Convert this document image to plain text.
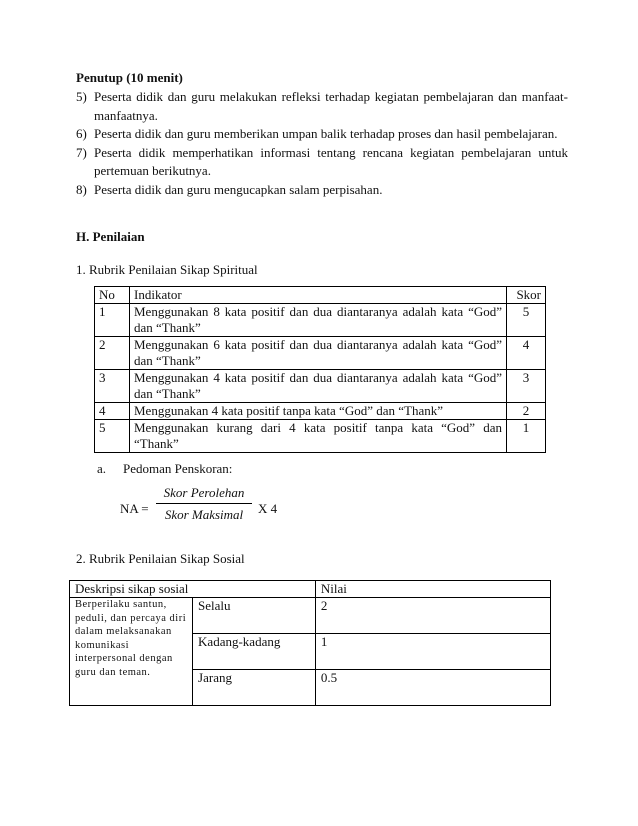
Penutup (10 menit)
5) Peserta didik dan guru melakukan refleksi terhadap kegiatan pembelajaran dan manfaat-manfaatnya.
6) Peserta didik dan guru memberikan umpan balik terhadap proses dan hasil pembelajaran.
7) Peserta didik memperhatikan informasi tentang rencana kegiatan pembelajaran untuk pertemuan berikutnya.
8) Peserta didik dan guru mengucapkan salam perpisahan.
H. Penilaian
1. Rubrik Penilaian Sikap Spiritual
No	Indikator	Skor
1	Menggunakan 8 kata positif dan dua diantaranya adalah kata “God” dan “Thank”	5
2	Menggunakan 6 kata positif dan dua diantaranya adalah kata “God” dan “Thank”	4
3	Menggunakan 4 kata positif dan dua diantaranya adalah kata “God” dan “Thank”	3
4	Menggunakan 4 kata positif tanpa kata “God” dan “Thank”	2
5	Menggunakan kurang dari 4 kata positif tanpa kata “God” dan “Thank”	1
a. Pedoman Penskoran:
NA =
Skor Perolehan
Skor Maksimal	X 4
2. Rubrik Penilaian Sikap Sosial
Deskripsi sikap sosial		Nilai
Berperilaku santun, peduli, dan percaya diri dalam melaksanakan komunikasi interpersonal dengan guru dan teman.	Selalu	2
	Kadang-kadang	1
	Jarang	0.5
